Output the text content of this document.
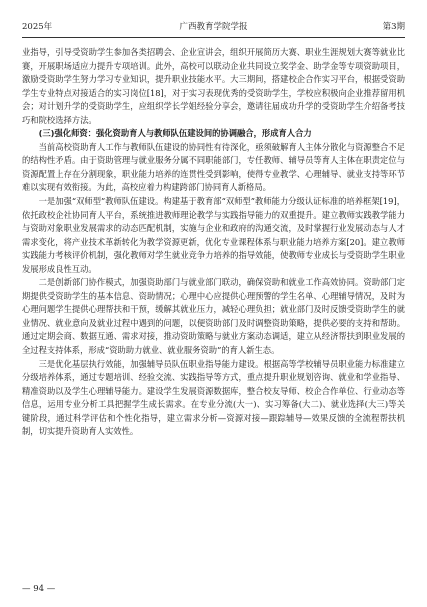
2025年	广西教育学院学报	第3期

业指导，引导受资助学生参加各类招聘会、企业宣讲会，组织开展简历大赛、职业生涯规划大赛等就业比赛，开展职场适应力提升专项培训。此外，高校可以联动企业共同设立奖学金、助学金等专项资助项目，激励受资助学生努力学习专业知识，提升职业技能水平。大三期间，搭建校企合作实习平台，根据受资助学生专业特点对接适合的实习岗位[18]，对于实习表现优秀的受资助学生，学校应积极向企业推荐留用机会；对计划升学的受资助学生，应组织学长学姐经验分享会，邀请往届成功升学的受资助学生介绍备考技巧和院校选择方法。

(三)强化师资：强化资助育人与教师队伍建设间的协调融合，形成育人合力

当前高校资助育人工作与教师队伍建设的协同性有待深化，亟须破解育人主体分散化与资源整合不足的结构性矛盾。由于资助管理与就业服务分属不同职能部门，专任教师、辅导员等育人主体在职责定位与资源配置上存在分割现象，职业能力培养的连贯性受到影响，使得专业教学、心理辅导、就业支持等环节难以实现有效衔接。为此，高校应着力构建跨部门协同育人新格局。

一是加强“双师型”教师队伍建设。构建基于教育部“双师型”教师能力分级认证标准的培养框架[19]，依托政校企社协同育人平台，系统推进教师理论教学与实践指导能力的双重提升。建立教师实践教学能力与资助对象职业发展需求的动态匹配机制，实施与企业和政府的沟通交流，及时掌握行业发展动态与人才需求变化，将产业技术革新转化为教学资源更新，优化专业课程体系与职业能力培养方案[20]。建立教师实践能力考核评价机制，强化教师对学生就业竞争力培养的指导效能，使教师专业成长与受资助学生职业发展形成良性互动。

二是创新部门协作模式，加强资助部门与就业部门联动，确保资助和就业工作高效协同。资助部门定期提供受资助学生的基本信息、资助情况；心理中心应提供心理预警的学生名单、心理辅导情况，及时为心理问题学生提供心理帮扶和干预，缓解其就业压力，减轻心理负担；就业部门及时反馈受资助学生的就业情况、就业意向及就业过程中遇到的问题，以便资助部门及时调整资助策略，提供必要的支持和帮助。通过定期会商、数据互通、需求对接，推动资助策略与就业方案动态调适，建立从经济帮扶到职业发展的全过程支持体系，形成“资助助力就业、就业服务资助”的育人新生态。

三是优化基层执行效能，加强辅导员队伍职业指导能力建设。根据高等学校辅导员职业能力标准建立分级培养体系，通过专题培训、经验交流、实践指导等方式，重点提升职业规划咨询、就业和学业指导、精准资助以及学生心理辅导能力。建设学生发展资源数据库，整合校友导师、校企合作单位、行业动态等信息，运用专业分析工具把握学生成长需求。在专业分流(大一)、实习筹备(大二)、就业选择(大三)等关键阶段，通过科学评估和个性化指导，建立需求分析—资源对接—跟踪辅导—效果反馈的全流程帮扶机制，切实提升资助育人实效性。

— 94 —
